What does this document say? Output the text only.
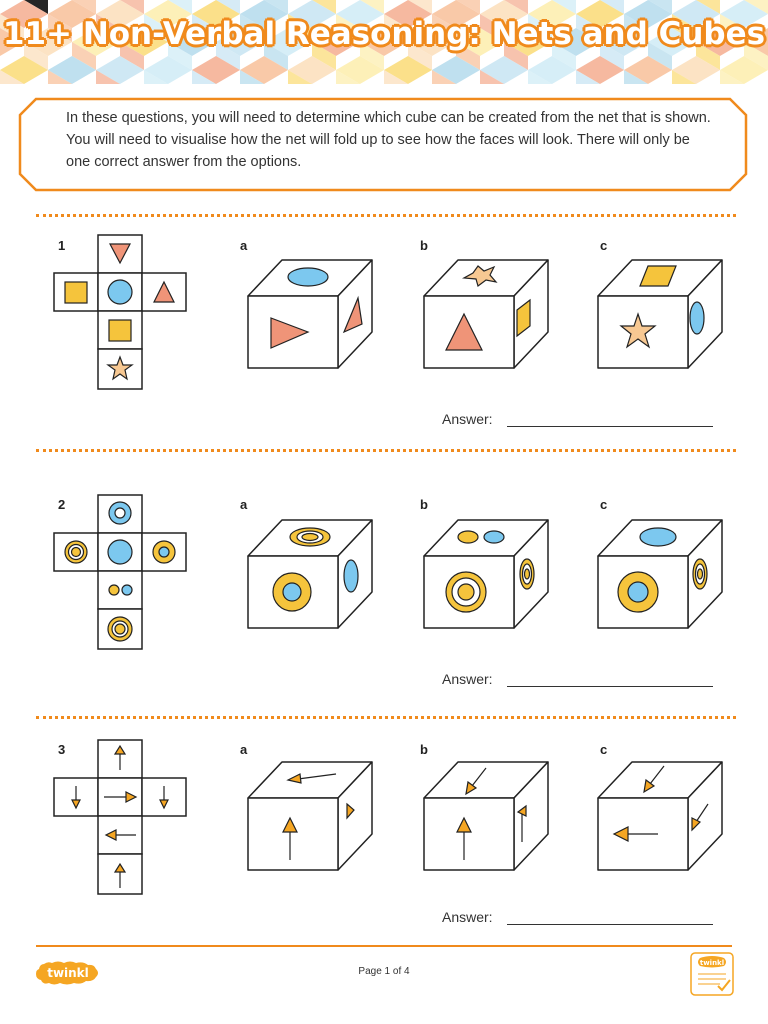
11+ Non-Verbal Reasoning: Nets and Cubes
In these questions, you will need to determine which cube can be created from the net that is shown. You will need to visualise how the net will fold up to see how the faces will look. There will only be one correct answer from the options.
1	a	b	c
Answer:
2	a	b	c
Answer:
3	a	b	c
Answer:
twinkl	Page 1 of 4
twinkl
